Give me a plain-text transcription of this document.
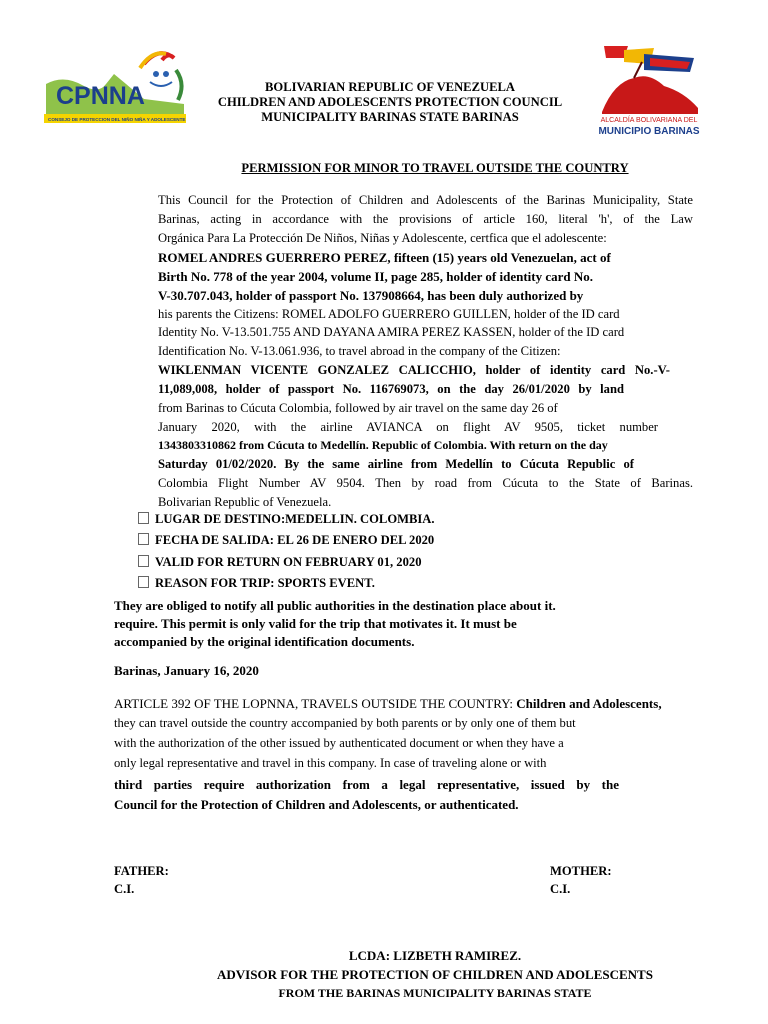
CPNNA
CONSEJO DE PROTECCION DEL NIÑO NIÑA Y ADOLESCENTE	ALCALDÍA BOLIVARIANA DEL
MUNICIPIO BARINAS
BOLIVARIAN REPUBLIC OF VENEZUELA
CHILDREN AND ADOLESCENTS PROTECTION COUNCIL
MUNICIPALITY BARINAS STATE BARINAS
PERMISSION FOR MINOR TO TRAVEL OUTSIDE THE COUNTRY
This Council for the Protection of Children and Adolescents of the Barinas Municipality, State
Barinas, acting in accordance with the provisions of article 160, literal 'h', of the Law
Orgánica Para La Protección De Niños, Niñas y Adolescente, certfica que el adolescente:
ROMEL ANDRES GUERRERO PEREZ, fifteen (15) years old Venezuelan, act of
Birth No. 778 of the year 2004, volume II, page 285, holder of identity card No.
V-30.707.043, holder of passport No. 137908664, has been duly authorized by
his parents the Citizens: ROMEL ADOLFO GUERRERO GUILLEN, holder of the ID card
Identity No. V-13.501.755 AND DAYANA AMIRA PEREZ KASSEN, holder of the ID card
Identification No. V-13.061.936, to travel abroad in the company of the Citizen:
WIKLENMAN VICENTE GONZALEZ CALICCHIO, holder of identity card No.-V-
11,089,008, holder of passport No. 116769073, on the day 26/01/2020 by land
from Barinas to Cúcuta Colombia, followed by air travel on the same day 26 of
January 2020, with the airline AVIANCA on flight AV 9505, ticket number
1343803310862 from Cúcuta to Medellín. Republic of Colombia. With return on the day
Saturday 01/02/2020. By the same airline from Medellín to Cúcuta Republic of
Colombia Flight Number AV 9504. Then by road from Cúcuta to the State of Barinas.
Bolivarian Republic of Venezuela.
LUGAR DE DESTINO:MEDELLIN. COLOMBIA.
FECHA DE SALIDA: EL 26 DE ENERO DEL 2020
VALID FOR RETURN ON FEBRUARY 01, 2020
REASON FOR TRIP: SPORTS EVENT.
They are obliged to notify all public authorities in the destination place about it.
require. This permit is only valid for the trip that motivates it. It must be
accompanied by the original identification documents.
Barinas, January 16, 2020
ARTICLE 392 OF THE LOPNNA, TRAVELS OUTSIDE THE COUNTRY: Children and Adolescents,
they can travel outside the country accompanied by both parents or by only one of them but
with the authorization of the other issued by authenticated document or when they have a
only legal representative and travel in this company. In case of traveling alone or with
third parties require authorization from a legal representative, issued by the
Council for the Protection of Children and Adolescents, or authenticated.
FATHER:
C.I.
MOTHER:
C.I.
LCDA: LIZBETH RAMIREZ.
ADVISOR FOR THE PROTECTION OF CHILDREN AND ADOLESCENTS
FROM THE BARINAS MUNICIPALITY BARINAS STATE
